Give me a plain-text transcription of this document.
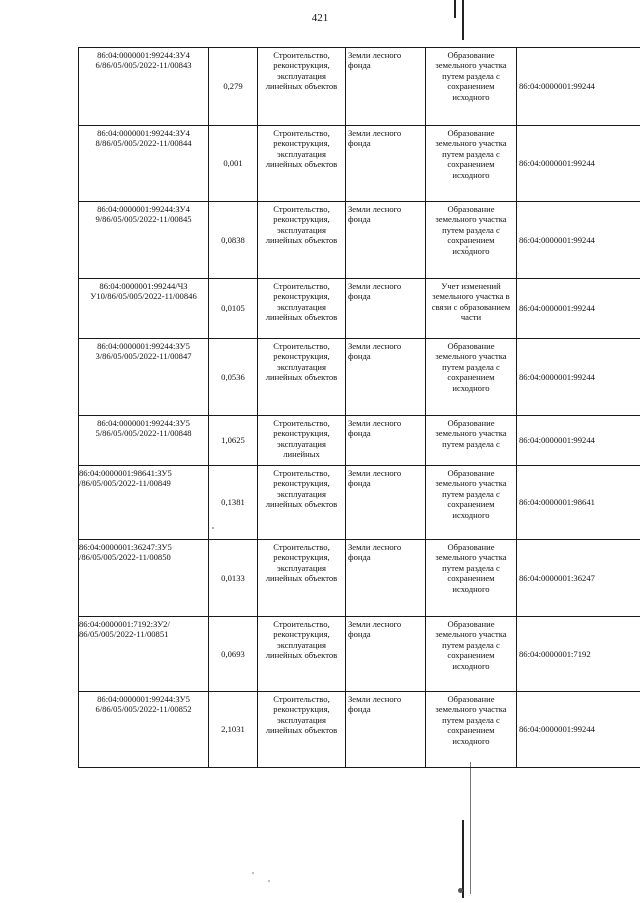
421
86:04:0000001:99244:ЗУ4 6/86/05/005/2022-11/00843	0,279	Строительство, реконструкция, эксплуатация линейных объектов	Земли лесного фонда	Образование земельного участка путем раздела с сохранением исходного	86:04:0000001:99244
86:04:0000001:99244:ЗУ4 8/86/05/005/2022-11/00844	0,001	Строительство, реконструкция, эксплуатация линейных объектов	Земли лесного фонда	Образование земельного участка путем раздела с сохранением исходного	86:04:0000001:99244
86:04:0000001:99244:ЗУ4 9/86/05/005/2022-11/00845	0,0838	Строительство, реконструкция, эксплуатация линейных объектов	Земли лесного фонда	Образование земельного участка путем раздела с сохранением исходного	86:04:0000001:99244
86:04:0000001:99244/ЧЗ У10/86/05/005/2022-11/00846	0,0105	Строительство, реконструкция, эксплуатация линейных объектов	Земли лесного фонда	Учет изменений земельного участка в связи с образованием части	86:04:0000001:99244
86:04:0000001:99244:ЗУ5 3/86/05/005/2022-11/00847	0,0536	Строительство, реконструкция, эксплуатация линейных объектов	Земли лесного фонда	Образование земельного участка путем раздела с сохранением исходного	86:04:0000001:99244
86:04:0000001:99244:ЗУ5 5/86/05/005/2022-11/00848	1,0625	Строительство, реконструкция, эксплуатация линейных	Земли лесного фонда	Образование земельного участка путем раздела с	86:04:0000001:99244
86:04:0000001:98641:ЗУ5 /86/05/005/2022-11/00849	0,1381	Строительство, реконструкция, эксплуатация линейных объектов	Земли лесного фонда	Образование земельного участка путем раздела с сохранением исходного	86:04:0000001:98641
86:04:0000001:36247:ЗУ5 /86/05/005/2022-11/00850	0,0133	Строительство, реконструкция, эксплуатация линейных объектов	Земли лесного фонда	Образование земельного участка путем раздела с сохранением исходного	86:04:0000001:36247
86:04:0000001:7192:ЗУ2/ 86/05/005/2022-11/00851	0,0693	Строительство, реконструкция, эксплуатация линейных объектов	Земли лесного фонда	Образование земельного участка путем раздела с сохранением исходного	86:04:0000001:7192
86:04:0000001:99244:ЗУ5 6/86/05/005/2022-11/00852	2,1031	Строительство, реконструкция, эксплуатация линейных объектов	Земли лесного фонда	Образование земельного участка путем раздела с сохранением исходного	86:04:0000001:99244
